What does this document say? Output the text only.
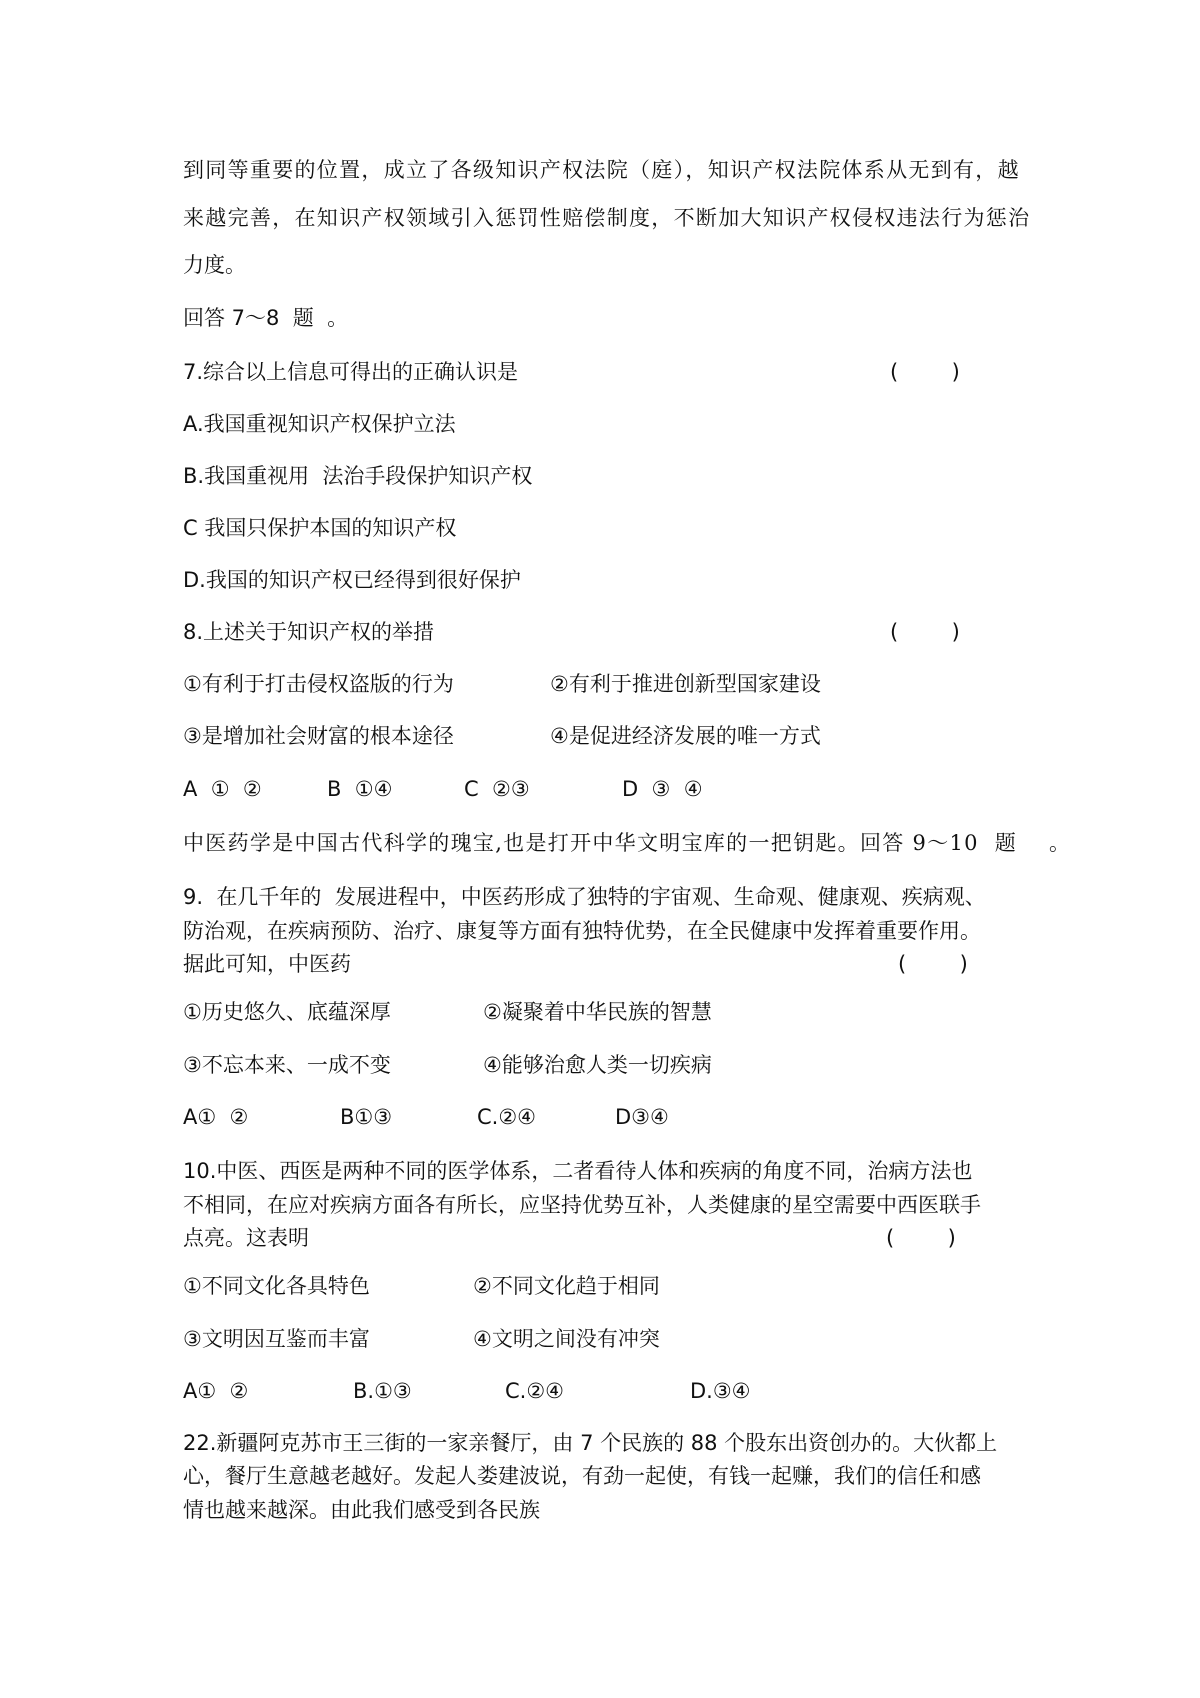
到同等重要的位置，成立了各级知识产权法院（庭），知识产权法院体系从无到有，越
来越完善，在知识产权领域引入惩罚性赔偿制度，不断加大知识产权侵权违法行为惩治
力度。
回答 7～8  题  。
7.综合以上信息可得出的正确认识是	(        )
A.我国重视知识产权保护立法
B.我国重视用  法治手段保护知识产权
C 我国只保护本国的知识产权
D.我国的知识产权已经得到很好保护
8.上述关于知识产权的举措	(        )
①有利于打击侵权盗版的行为	②有利于推进创新型国家建设
③是增加社会财富的根本途径	④是促进经济发展的唯一方式
A  ①  ②	B  ①④	C  ②③	D  ③  ④
中医药学是中国古代科学的瑰宝,也是打开中华文明宝库的一把钥匙。回答 9～10  题    。
9.  在几千年的  发展进程中，中医药形成了独特的宇宙观、生命观、健康观、疾病观、
防治观，在疾病预防、治疗、康复等方面有独特优势，在全民健康中发挥着重要作用。
据此可知，中医药	(        )
①历史悠久、底蕴深厚	②凝聚着中华民族的智慧
③不忘本来、一成不变	④能够治愈人类一切疾病
A①  ②	B①③	C.②④	D③④
10.中医、西医是两种不同的医学体系，二者看待人体和疾病的角度不同，治病方法也
不相同，在应对疾病方面各有所长，应坚持优势互补，人类健康的星空需要中西医联手
点亮。这表明	(        )
①不同文化各具特色	②不同文化趋于相同
③文明因互鉴而丰富	④文明之间没有冲突
A①  ②	B.①③	C.②④	D.③④
22.新疆阿克苏市王三街的一家亲餐厅，由 7 个民族的 88 个股东出资创办的。大伙都上
心，餐厅生意越老越好。发起人娄建波说，有劲一起使，有钱一起赚，我们的信任和感
情也越来越深。由此我们感受到各民族
